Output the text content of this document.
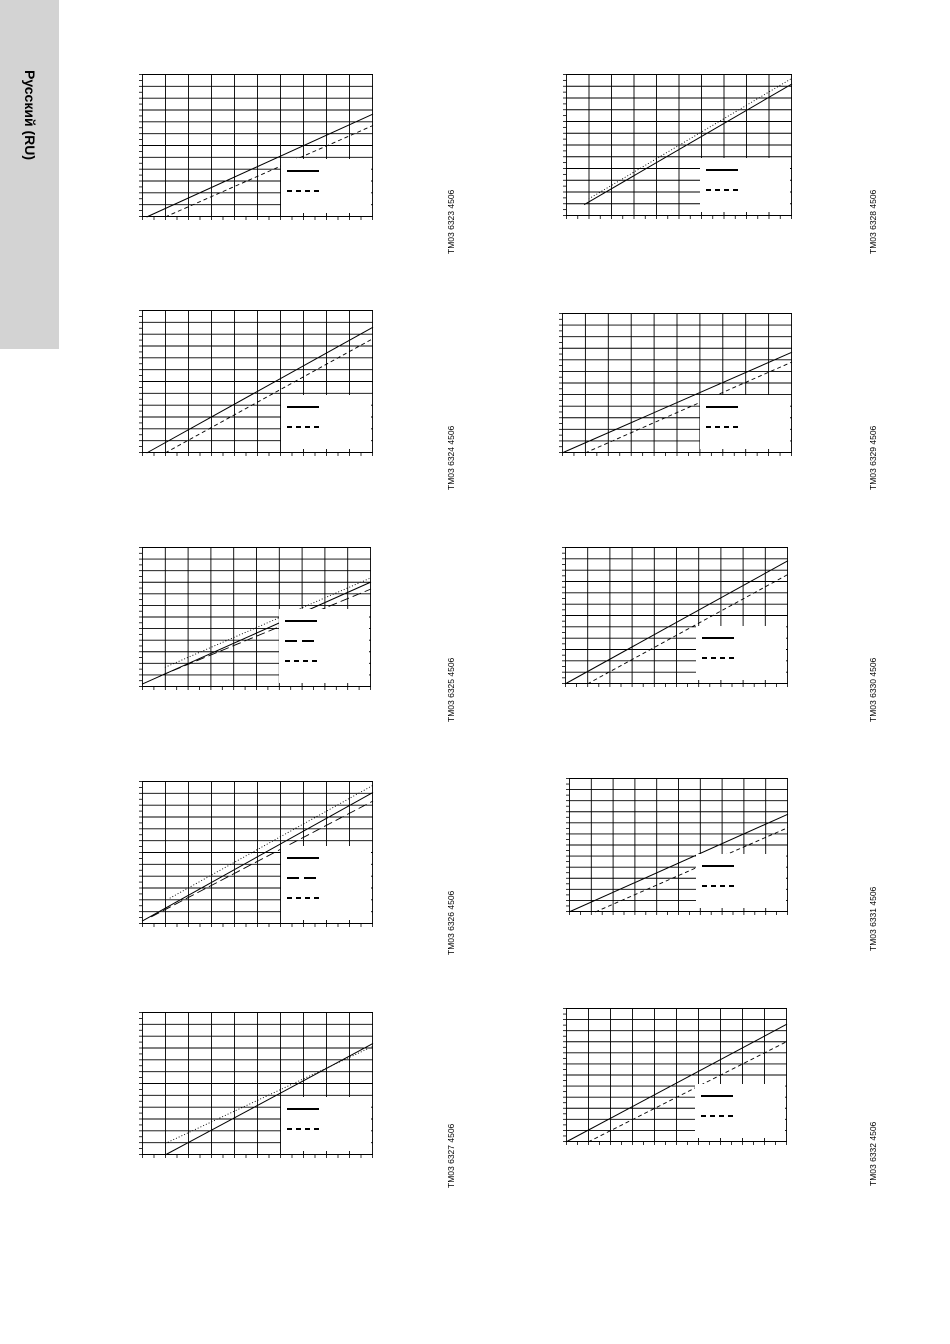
Русский (RU)
TM03 6323 4506	TM03 6328 4506
TM03 6324 4506	TM03 6329 4506
TM03 6325 4506	TM03 6330 4506
TM03 6326 4506	TM03 6331 4506
TM03 6327 4506	TM03 6332 4506
